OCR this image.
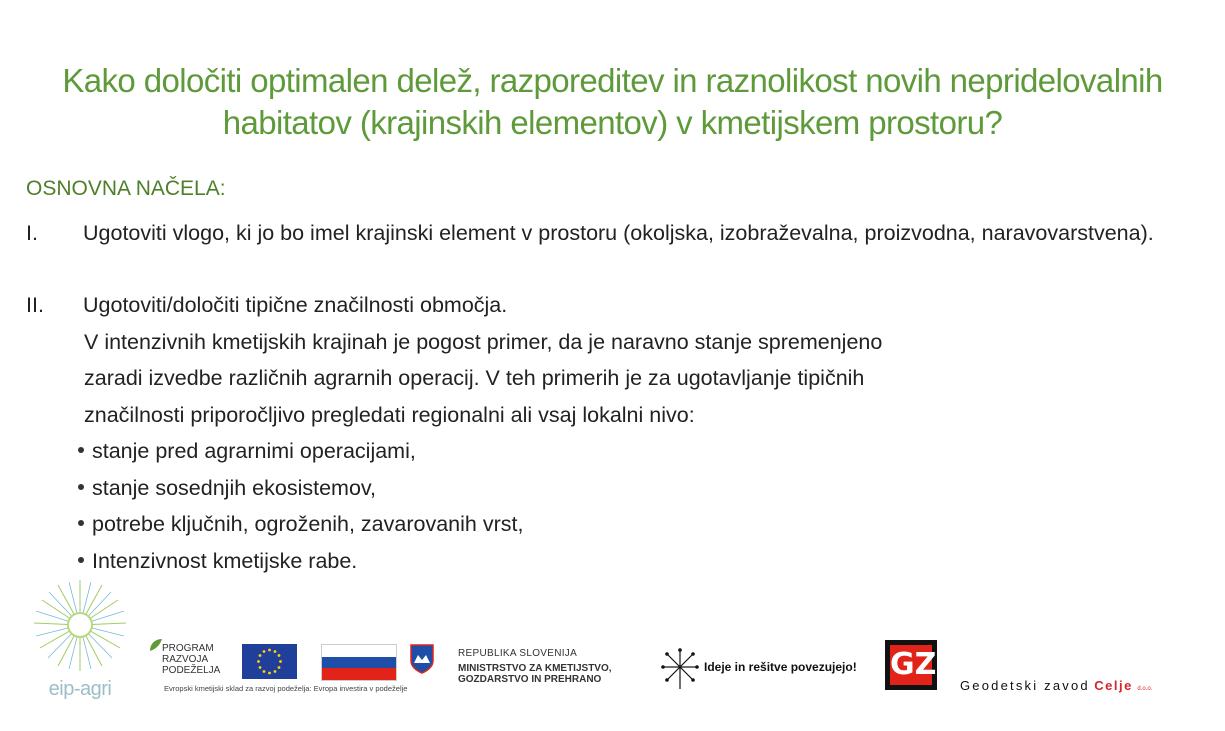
Kako določiti optimalen delež, razporeditev in raznolikost novih nepridelovalnih
habitatov (krajinskih elementov) v kmetijskem prostoru?
OSNOVNA NAČELA:
I. Ugotoviti vlogo, ki jo bo imel krajinski element v prostoru (okoljska, izobraževalna, proizvodna, naravovarstvena).
II. Ugotoviti/določiti tipične značilnosti območja.
V intenzivnih kmetijskih krajinah je pogost primer, da je naravno stanje spremenjeno
zaradi izvedbe različnih agrarnih operacij. V teh primerih je za ugotavljanje tipičnih
značilnosti priporočljivo pregledati regionalni ali vsaj lokalni nivo:
stanje pred agrarnimi operacijami,
stanje sosednjih ekosistemov,
potrebe ključnih, ogroženih, zavarovanih vrst,
Intenzivnost kmetijske rabe.
eip-agri
PROGRAM
RAZVOJA
PODEŽELJA
Evropski kmetijski sklad za razvoj podeželja: Evropa investira v podeželje
REPUBLIKA SLOVENIJA
MINISTRSTVO ZA KMETIJSTVO,
GOZDARSTVO IN PREHRANO
Ideje in rešitve povezujejo! GZ
Geodetski zavod Celje d.o.o.
